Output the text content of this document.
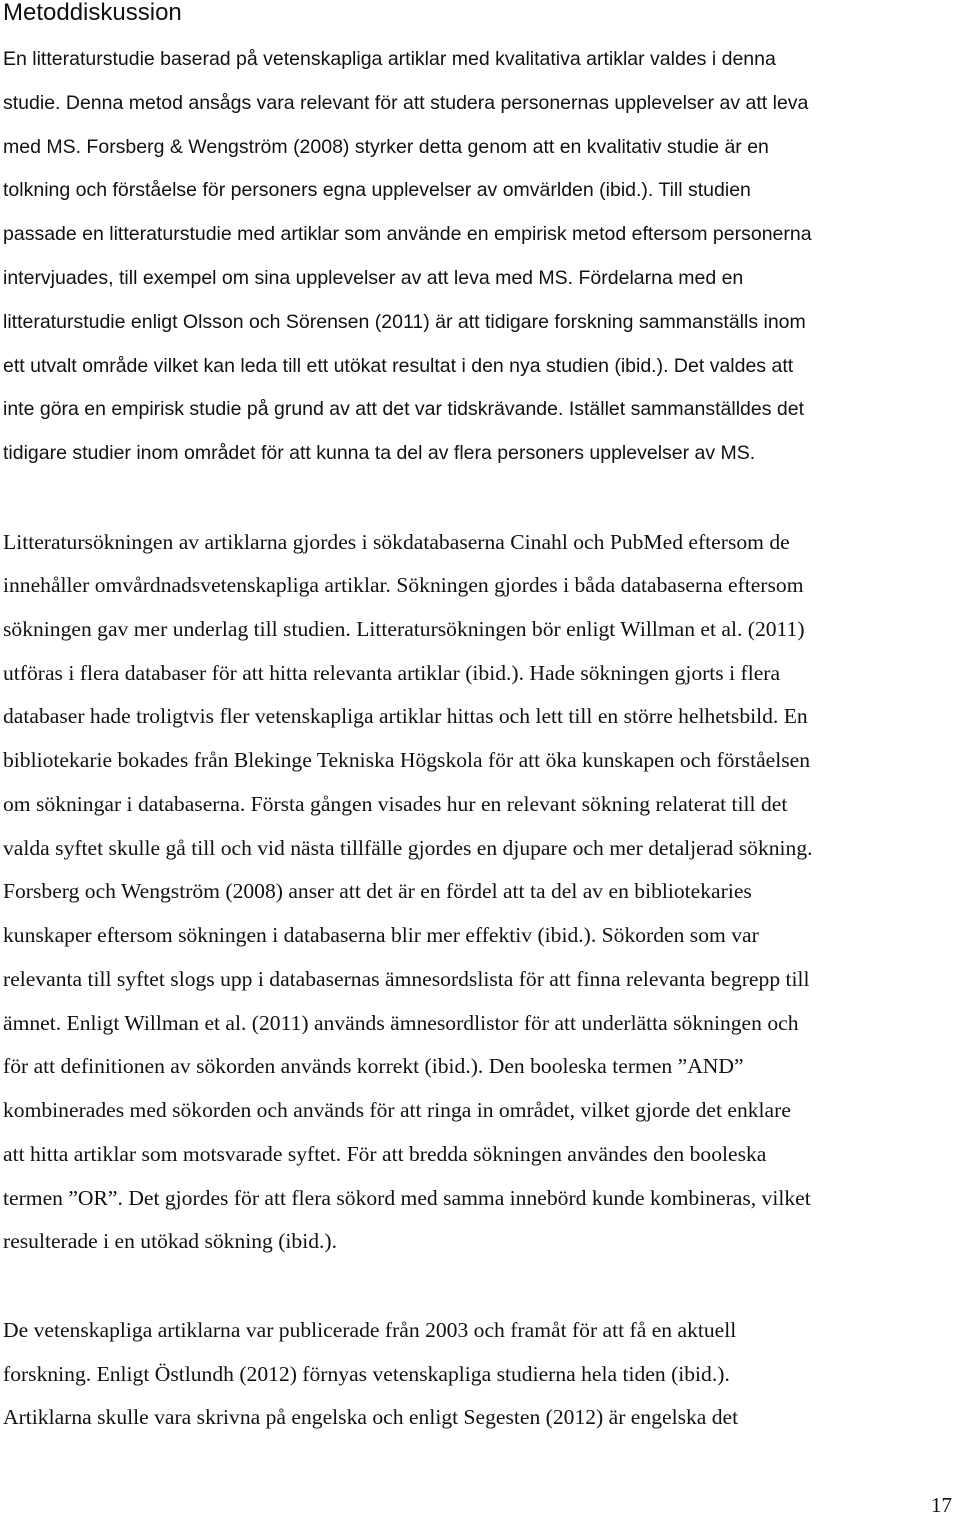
Metoddiskussion
En litteraturstudie baserad på vetenskapliga artiklar med kvalitativa artiklar valdes i denna
studie. Denna metod ansågs vara relevant för att studera personernas upplevelser av att leva
med MS. Forsberg & Wengström (2008) styrker detta genom att en kvalitativ studie är en
tolkning och förståelse för personers egna upplevelser av omvärlden (ibid.). Till studien
passade en litteraturstudie med artiklar som använde en empirisk metod eftersom personerna
intervjuades, till exempel om sina upplevelser av att leva med MS. Fördelarna med en
litteraturstudie enligt Olsson och Sörensen (2011) är att tidigare forskning sammanställs inom
ett utvalt område vilket kan leda till ett utökat resultat i den nya studien (ibid.). Det valdes att
inte göra en empirisk studie på grund av att det var tidskrävande. Istället sammanställdes det
tidigare studier inom området för att kunna ta del av flera personers upplevelser av MS.
Litteratursökningen av artiklarna gjordes i sökdatabaserna Cinahl och PubMed eftersom de
innehåller omvårdnadsvetenskapliga artiklar. Sökningen gjordes i båda databaserna eftersom
sökningen gav mer underlag till studien. Litteratursökningen bör enligt Willman et al. (2011)
utföras i flera databaser för att hitta relevanta artiklar (ibid.). Hade sökningen gjorts i flera
databaser hade troligtvis fler vetenskapliga artiklar hittas och lett till en större helhetsbild. En
bibliotekarie bokades från Blekinge Tekniska Högskola för att öka kunskapen och förståelsen
om sökningar i databaserna. Första gången visades hur en relevant sökning relaterat till det
valda syftet skulle gå till och vid nästa tillfälle gjordes en djupare och mer detaljerad sökning.
Forsberg och Wengström (2008) anser att det är en fördel att ta del av en bibliotekaries
kunskaper eftersom sökningen i databaserna blir mer effektiv (ibid.). Sökorden som var
relevanta till syftet slogs upp i databasernas ämnesordslista för att finna relevanta begrepp till
ämnet. Enligt Willman et al. (2011) används ämnesordlistor för att underlätta sökningen och
för att definitionen av sökorden används korrekt (ibid.). Den booleska termen ”AND”
kombinerades med sökorden och används för att ringa in området, vilket gjorde det enklare
att hitta artiklar som motsvarade syftet. För att bredda sökningen användes den booleska
termen ”OR”. Det gjordes för att flera sökord med samma innebörd kunde kombineras, vilket
resulterade i en utökad sökning (ibid.).
De vetenskapliga artiklarna var publicerade från 2003 och framåt för att få en aktuell
forskning. Enligt Östlundh (2012) förnyas vetenskapliga studierna hela tiden (ibid.).
Artiklarna skulle vara skrivna på engelska och enligt Segesten (2012) är engelska det
17
